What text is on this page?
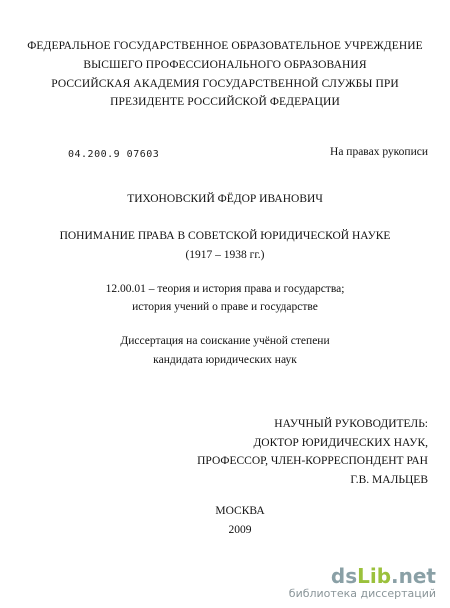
ФЕДЕРАЛЬНОЕ ГОСУДАРСТВЕННОЕ ОБРАЗОВАТЕЛЬНОЕ УЧРЕЖДЕНИЕ
ВЫСШЕГО ПРОФЕССИОНАЛЬНОГО ОБРАЗОВАНИЯ
РОССИЙСКАЯ АКАДЕМИЯ ГОСУДАРСТВЕННОЙ СЛУЖБЫ ПРИ
ПРЕЗИДЕНТЕ РОССИЙСКОЙ ФЕДЕРАЦИИ
04.200.9 07603	На правах рукописи
ТИХОНОВСКИЙ ФЁДОР ИВАНОВИЧ
ПОНИМАНИЕ ПРАВА В СОВЕТСКОЙ ЮРИДИЧЕСКОЙ НАУКЕ
(1917 – 1938 гг.)
12.00.01 – теория и история права и государства;
история учений о праве и государстве
Диссертация на соискание учёной степени
кандидата юридических наук
НАУЧНЫЙ РУКОВОДИТЕЛЬ:
ДОКТОР ЮРИДИЧЕСКИХ НАУК,
ПРОФЕССОР, ЧЛЕН-КОРРЕСПОНДЕНТ РАН
Г.В. МАЛЬЦЕВ
МОСКВА
2009
dsLib.net
библиотека диссертаций
